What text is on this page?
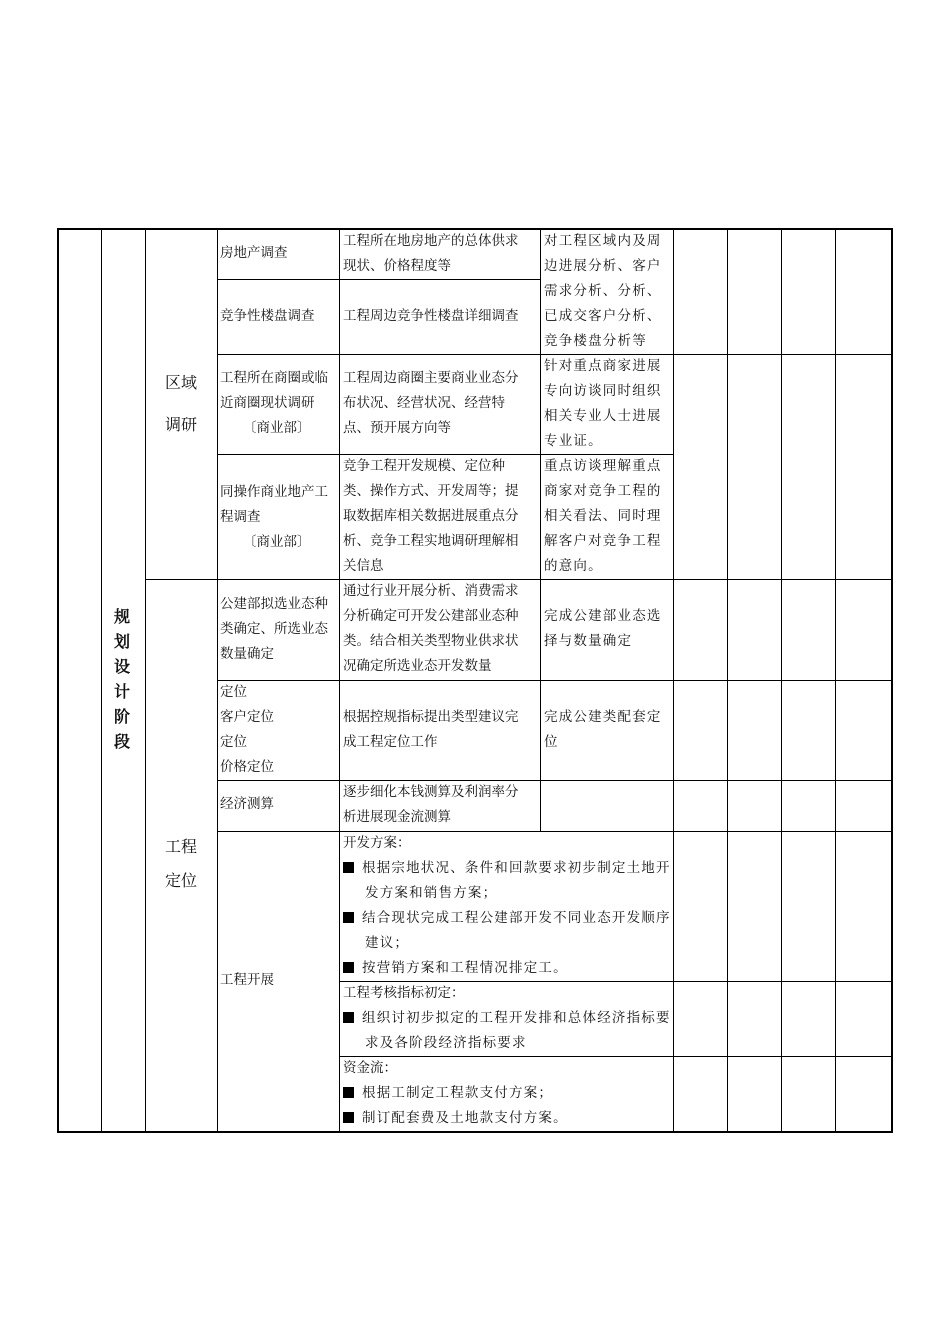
规
划
设
计
阶
段
区域
调研
工程
定位
房地产调查
工程所在地房地产的总体供求
现状、价格程度等
竞争性楼盘调查 工程周边竞争性楼盘详细调查
工程所在商圈或临
近商圈现状调研
〔商业部〕
工程周边商圈主要商业业态分
布状况、经营状况、经营特
点、预开展方向等
同操作商业地产工
程调查
〔商业部〕
竞争工程开发规模、定位种
类、操作方式、开发周等；提
取数据库相关数据进展重点分
析、竞争工程实地调研理解相
关信息
对工程区域内及周
边进展分析、客户
需求分析、分析、
已成交客户分析、
竞争楼盘分析等
针对重点商家进展
专向访谈同时组织
相关专业人士进展
专业证。
重点访谈理解重点
商家对竞争工程的
相关看法、同时理
解客户对竞争工程
的意向。
公建部拟选业态种
类确定、所选业态
数量确定
通过行业开展分析、消费需求
分析确定可开发公建部业态种
类。结合相关类型物业供求状
况确定所选业态开发数量
完成公建部业态选
择与数量确定
定位
客户定位
定位
价格定位
根据控规指标提出类型建议完
成工程定位工作
完成公建类配套定
位
经济测算
逐步细化本钱测算及利润率分
析进展现金流测算
工程开展
开发方案：
根据宗地状况、条件和回款要求初步制定土地开
发方案和销售方案；
结合现状完成工程公建部开发不同业态开发顺序
建议；
按营销方案和工程情况排定工。
工程考核指标初定：
组织讨初步拟定的工程开发排和总体经济指标要
求及各阶段经济指标要求
资金流：
根据工制定工程款支付方案；
制订配套费及土地款支付方案。
